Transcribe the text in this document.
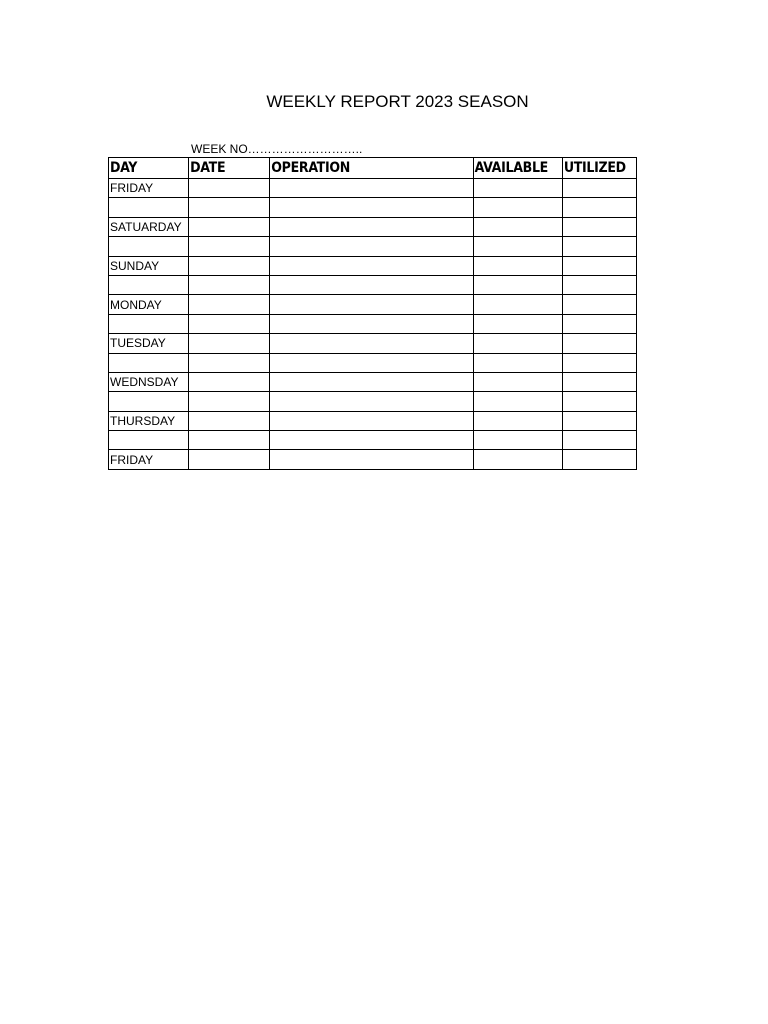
WEEKLY REPORT 2023 SEASON
WEEK NO………………………..
DAY	DATE	OPERATION	AVAILABLE	UTILIZED
FRIDAY				

SATUARDAY				

SUNDAY				

MONDAY				

TUESDAY				

WEDNSDAY				

THURSDAY				

FRIDAY				
